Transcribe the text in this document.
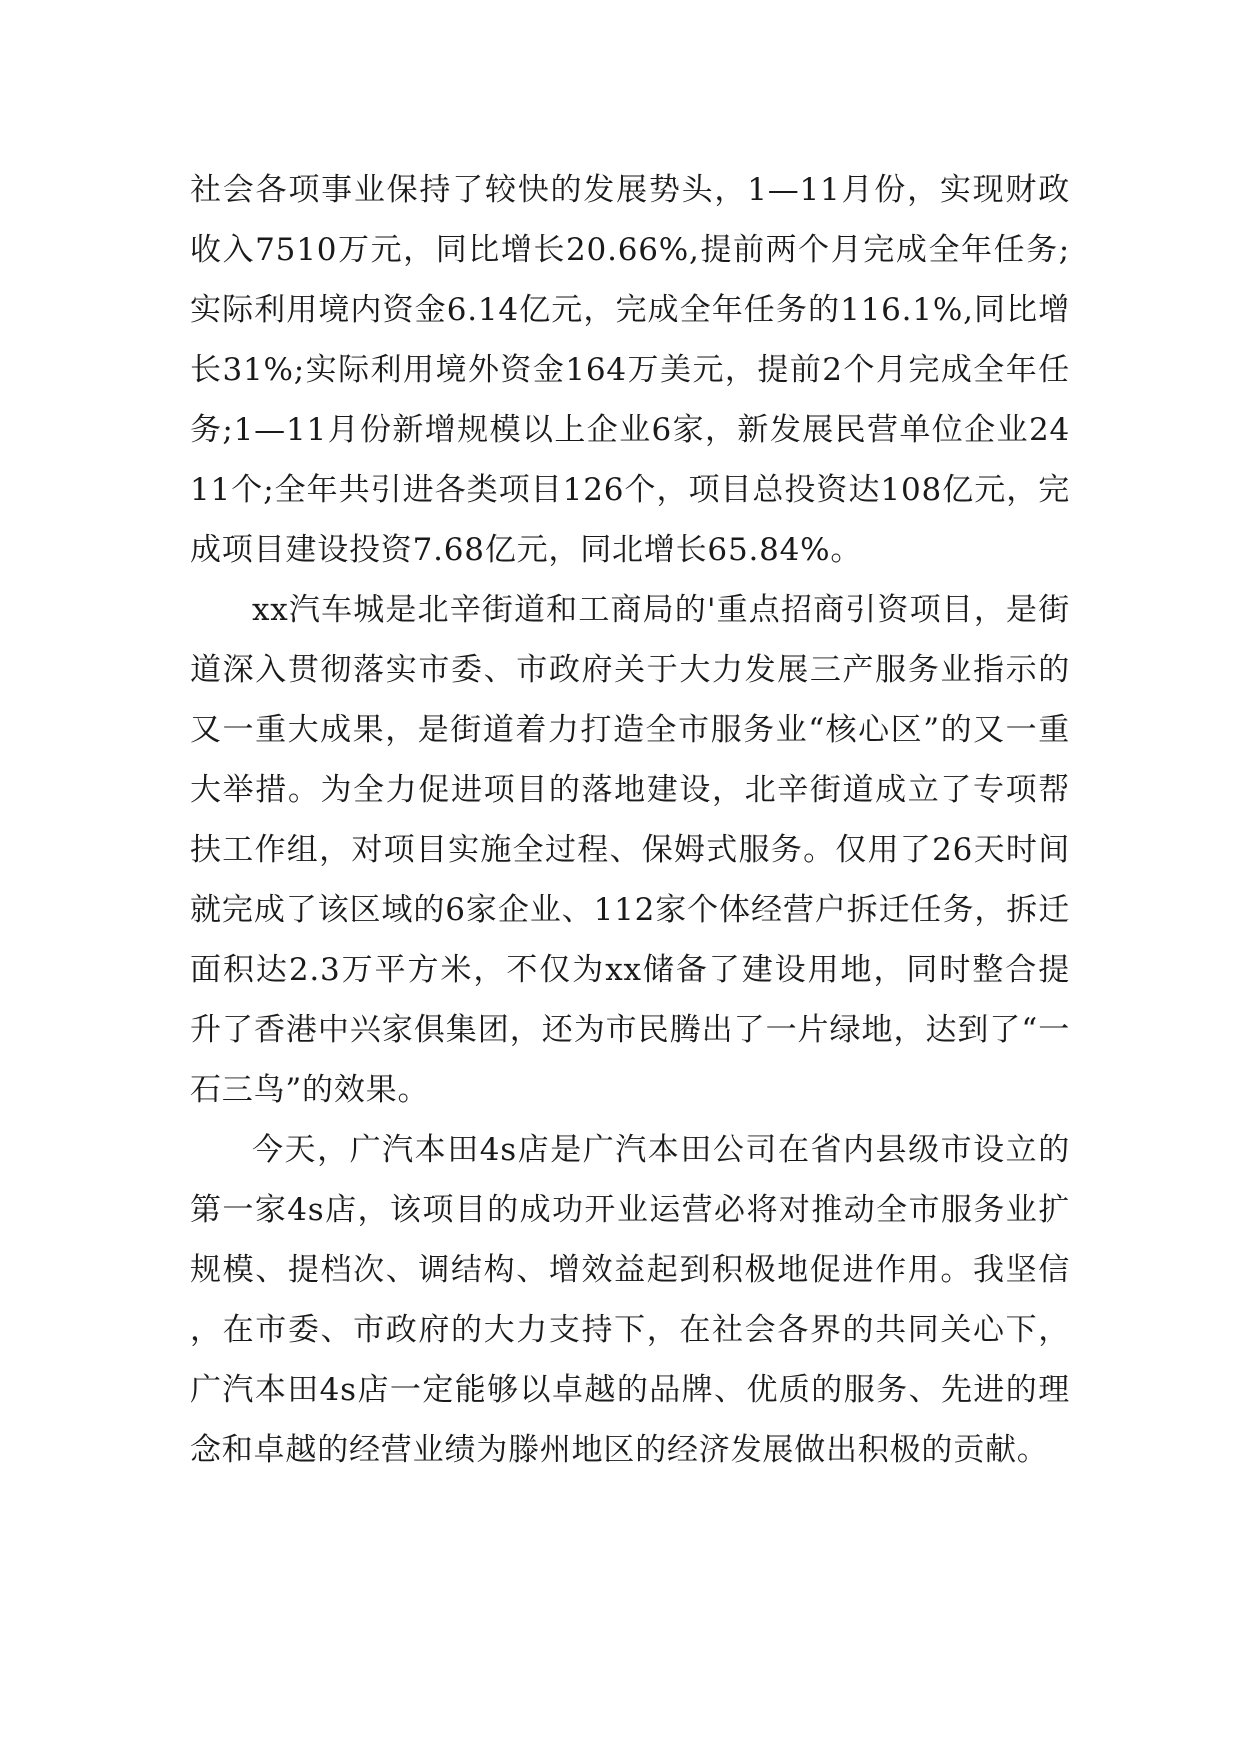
社会各项事业保持了较快的发展势头，1—11月份，实现财政收入7510万元，同比增长20.66%,提前两个月完成全年任务;实际利用境内资金6.14亿元，完成全年任务的116.1%,同比增长31%;实际利用境外资金164万美元，提前2个月完成全年任务;1—11月份新增规模以上企业6家，新发展民营单位企业2411个;全年共引进各类项目126个，项目总投资达108亿元，完成项目建设投资7.68亿元，同北增长65.84%。

xx汽车城是北辛街道和工商局的'重点招商引资项目，是街道深入贯彻落实市委、市政府关于大力发展三产服务业指示的又一重大成果，是街道着力打造全市服务业“核心区”的又一重大举措。为全力促进项目的落地建设，北辛街道成立了专项帮扶工作组，对项目实施全过程、保姆式服务。仅用了26天时间就完成了该区域的6家企业、112家个体经营户拆迁任务，拆迁面积达2.3万平方米，不仅为xx储备了建设用地，同时整合提升了香港中兴家俱集团，还为市民腾出了一片绿地，达到了“一石三鸟”的效果。

今天，广汽本田4s店是广汽本田公司在省内县级市设立的第一家4s店，该项目的成功开业运营必将对推动全市服务业扩规模、提档次、调结构、增效益起到积极地促进作用。我坚信，在市委、市政府的大力支持下，在社会各界的共同关心下，广汽本田4s店一定能够以卓越的品牌、优质的服务、先进的理念和卓越的经营业绩为滕州地区的经济发展做出积极的贡献。
